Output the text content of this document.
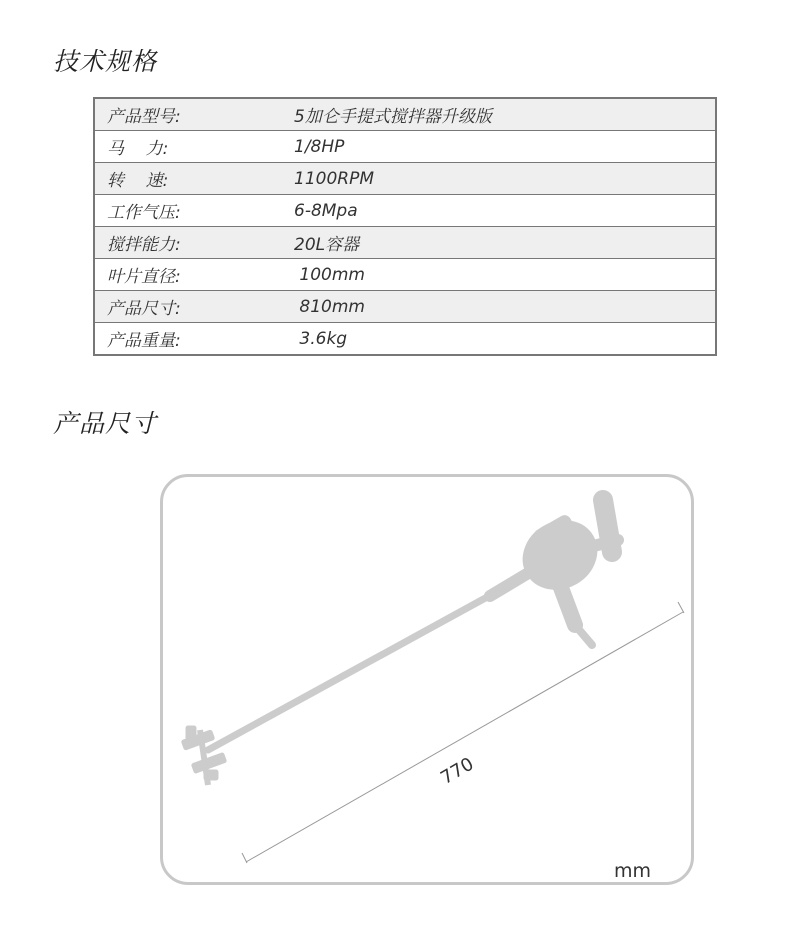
技术规格
产品型号:	5加仑手提式搅拌器升级版
马    力:	1/8HP
转    速:	1100RPM
工作气压:	6-8Mpa
搅拌能力:	20L容器
叶片直径:	100mm
产品尺寸:	810mm
产品重量:	3.6kg
产品尺寸
770
mm
